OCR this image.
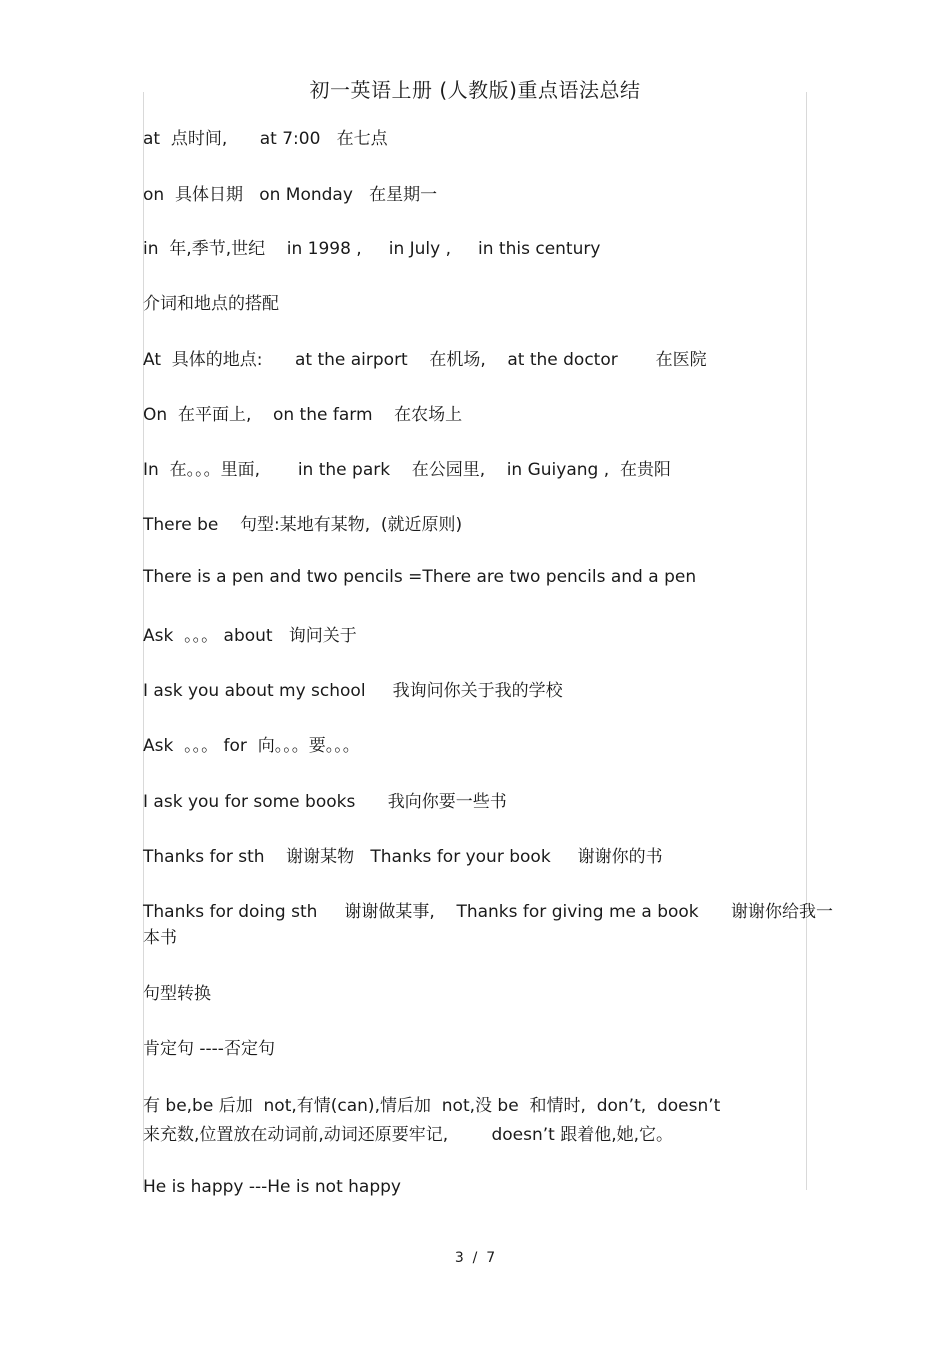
初一英语上册 (人教版)重点语法总结
at  点时间,      at 7:00   在七点
on  具体日期   on Monday   在星期一
in  年,季节,世纪    in 1998 ,     in July ,     in this century
介词和地点的搭配
At  具体的地点:      at the airport    在机场,    at the doctor       在医院
On  在平面上,    on the farm    在农场上
In  在。。。里面,       in the park    在公园里,    in Guiyang ,  在贵阳
There be    句型:某地有某物,  (就近原则)
There is a pen and two pencils =There are two pencils and a pen
Ask  。。。 about   询问关于
I ask you about my school     我询问你关于我的学校
Ask  。。。 for  向。。。要。。。
I ask you for some books      我向你要一些书
Thanks for sth    谢谢某物   Thanks for your book     谢谢你的书
Thanks for doing sth     谢谢做某事,    Thanks for giving me a book      谢谢你给我一
本书
句型转换
肯定句 ----否定句
有 be,be 后加  not,有情(can),情后加  not,没 be  和情时,  don’t,  doesn’t
来充数,位置放在动词前,动词还原要牢记,        doesn’t 跟着他,她,它。
He is happy ---He is not happy
3  /  7
